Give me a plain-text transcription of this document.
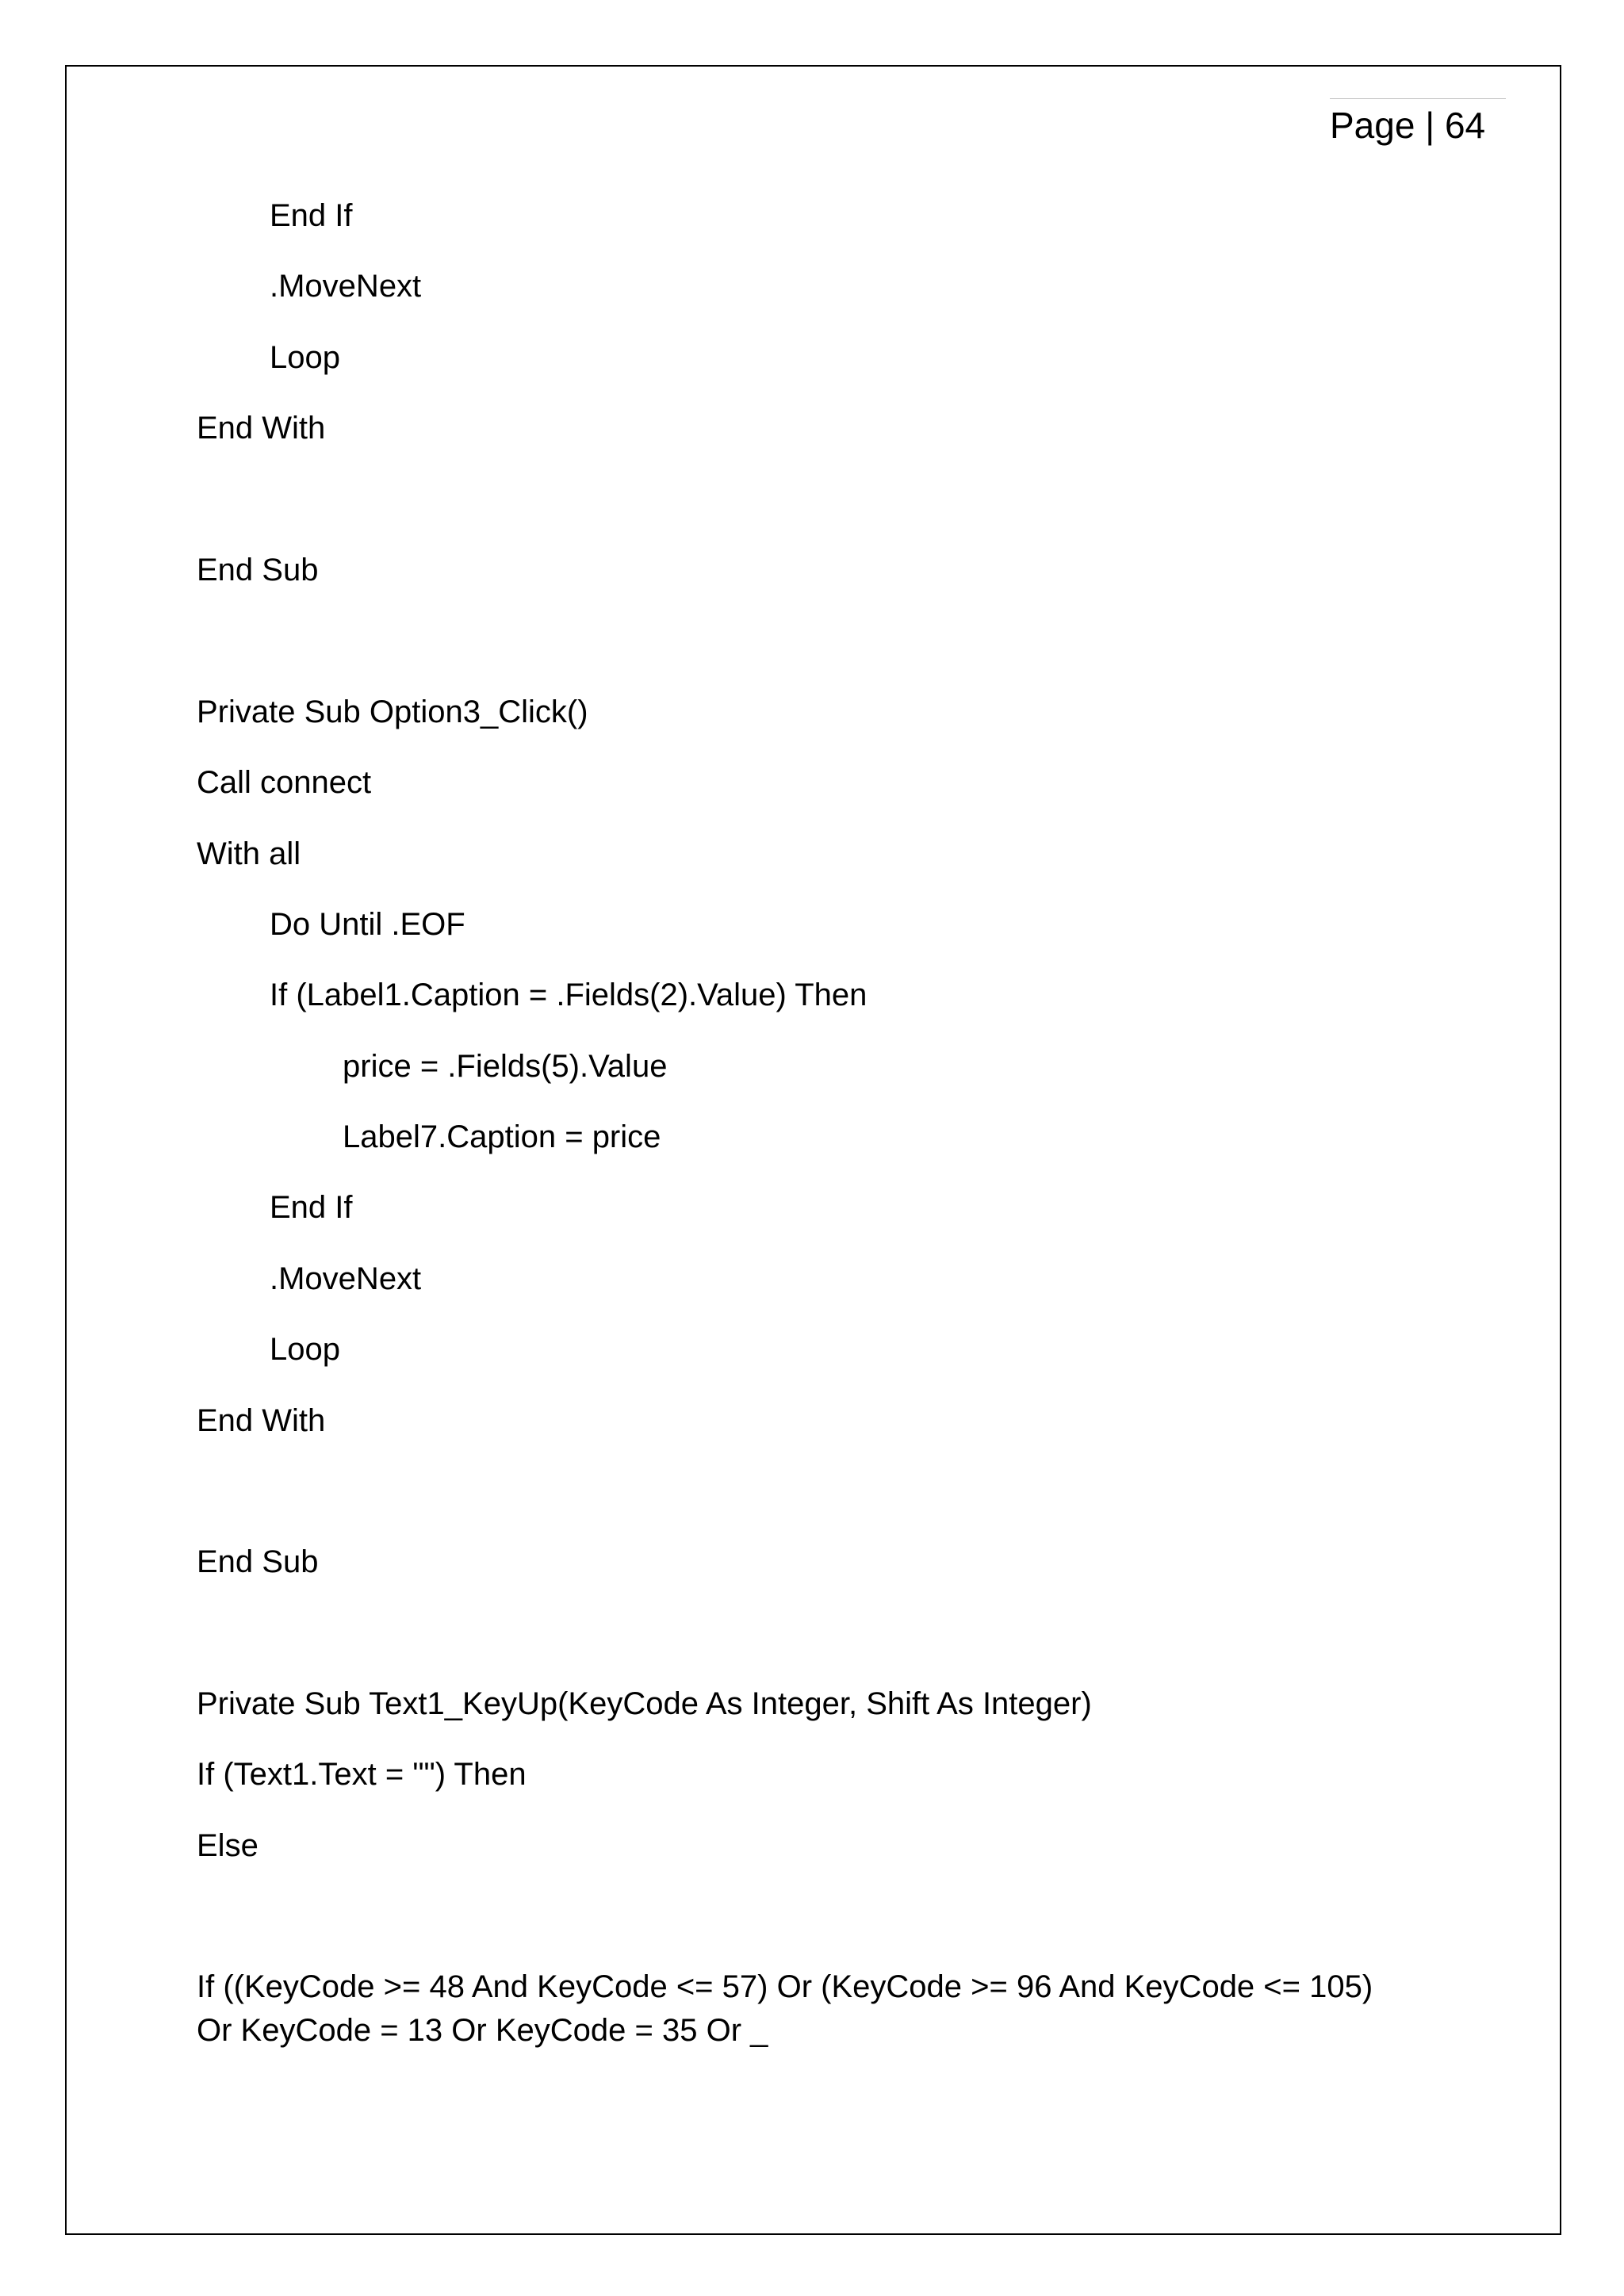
Page | 64
End If
.MoveNext
Loop
End With
End Sub
Private Sub Option3_Click()
Call connect
With all
Do Until .EOF
If (Label1.Caption = .Fields(2).Value) Then
price = .Fields(5).Value
Label7.Caption = price
End If
.MoveNext
Loop
End With
End Sub
Private Sub Text1_KeyUp(KeyCode As Integer, Shift As Integer)
If (Text1.Text = "") Then
Else
If ((KeyCode >= 48 And KeyCode <= 57) Or (KeyCode >= 96 And KeyCode <= 105)
Or KeyCode = 13 Or KeyCode = 35 Or _
